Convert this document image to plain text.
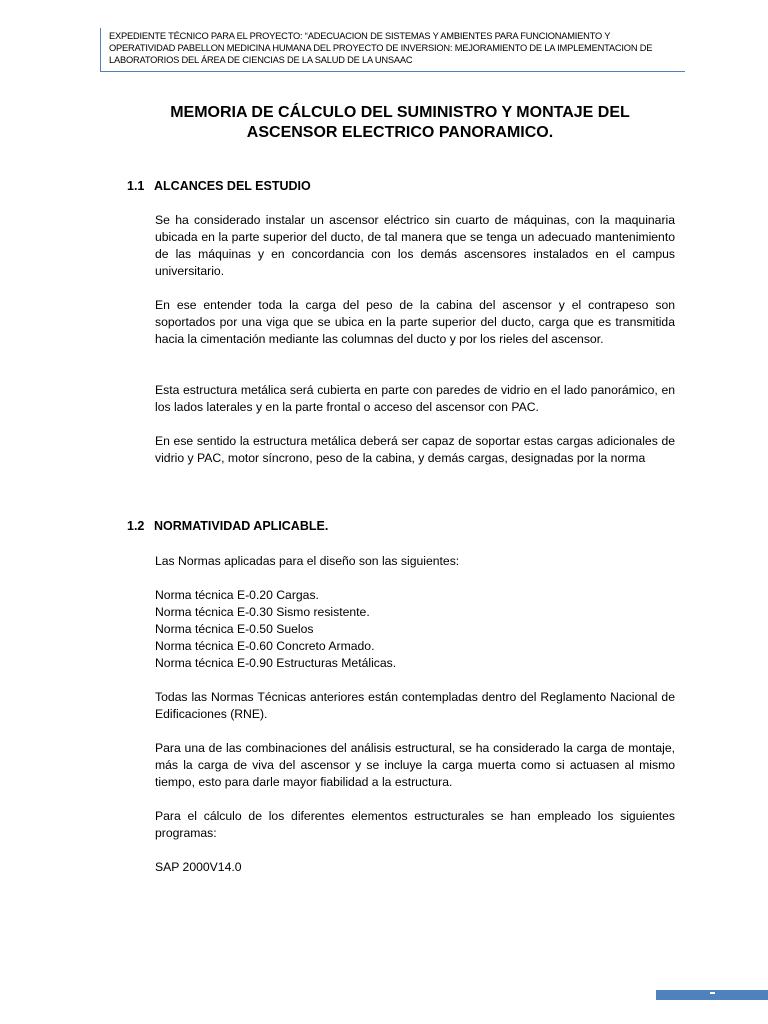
EXPEDIENTE TÉCNICO PARA EL PROYECTO: “ADECUACION DE SISTEMAS Y AMBIENTES PARA FUNCIONAMIENTO Y
OPERATIVIDAD PABELLON MEDICINA HUMANA DEL PROYECTO DE INVERSION: MEJORAMIENTO DE LA IMPLEMENTACION DE
LABORATORIOS DEL ÁREA DE CIENCIAS DE LA SALUD DE LA UNSAAC

MEMORIA DE CÁLCULO DEL SUMINISTRO Y MONTAJE DEL
ASCENSOR ELECTRICO PANORAMICO.
1.1 ALCANCES DEL ESTUDIO

Se ha considerado instalar un ascensor eléctrico sin cuarto de máquinas, con la maquinaria ubicada en la parte superior del ducto, de tal manera que se tenga un adecuado mantenimiento de las máquinas y en concordancia con los demás ascensores instalados en el campus universitario.

En ese entender toda la carga del peso de la cabina del ascensor y el contrapeso son soportados por una viga que se ubica en la parte superior del ducto, carga que es transmitida hacia la cimentación mediante las columnas del ducto y por los rieles del ascensor.

Esta estructura metálica será cubierta en parte con paredes de vidrio en el lado panorámico, en los lados laterales y en la parte frontal o acceso del ascensor con PAC.

En ese sentido la estructura metálica deberá ser capaz de soportar estas cargas adicionales de vidrio y PAC, motor síncrono, peso de la cabina, y demás cargas, designadas por la norma

1.2 NORMATIVIDAD APLICABLE.

Las Normas aplicadas para el diseño son las siguientes:

Norma técnica E-0.20 Cargas.
Norma técnica E-0.30 Sismo resistente.
Norma técnica E-0.50 Suelos
Norma técnica E-0.60 Concreto Armado.
Norma técnica E-0.90 Estructuras Metálicas.

Todas las Normas Técnicas anteriores están contempladas dentro del Reglamento Nacional de Edificaciones (RNE).

Para una de las combinaciones del análisis estructural, se ha considerado la carga de montaje, más la carga de viva del ascensor y se incluye la carga muerta como si actuasen al mismo tiempo, esto para darle mayor fiabilidad a la estructura.

Para el cálculo de los diferentes elementos estructurales se han empleado los siguientes programas:

SAP 2000V14.0
